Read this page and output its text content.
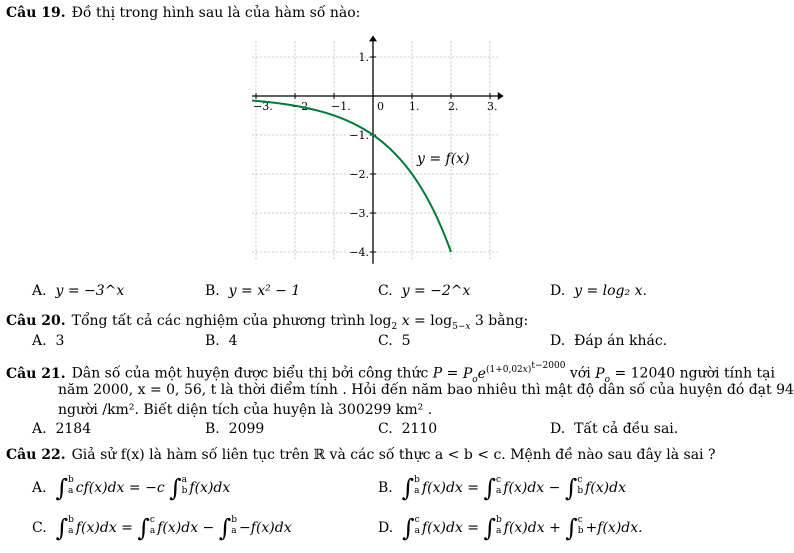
Câu 19. Đồ thị trong hình sau là của hàm số nào:
−3. −2. −1. 0 1.	2.	3.
1.
−1.
−2.
−3.
−4.
y = f(x)
A. y = −3^x	B. y = x² − 1	C. y = −2^x	D. y = log₂ x.
Câu 20. Tổng tất cả các nghiệm của phương trình $\log_2 x = \log_{5-x} 3$ bằng:
A. 3	B. 4	C. 5	D. Đáp án khác.
Câu 21. Dân số của một huyện được biểu thị bởi công thức $P = P_oe^{(1+0,02x)^{t-2000}}$ với $P_o = 12040$ người tính tại
năm 2000, x = 0, 56, t là thời điểm tính . Hỏi đến năm bao nhiêu thì mật độ dân số của huyện đó đạt 94
người /km². Biết diện tích của huyện là 300299 km² .
A. 2184	B. 2099	C. 2110	D. Tất cả đều sai.
Câu 22. Giả sử f(x) là hàm số liên tục trên ℝ và các số thực a < b < c. Mệnh đề nào sau đây là sai ?
A. ∫ b
a cf(x)dx = −c ∫ a
b f(x)dx	B. ∫ b
a f(x)dx = ∫ c
a f(x)dx − ∫ c
b f(x)dx
C. ∫ b
a f(x)dx = ∫ c
a f(x)dx − ∫ b
a −f(x)dx	D. ∫ c
a f(x)dx = ∫ b
a f(x)dx + ∫ c
b +f(x)dx.
